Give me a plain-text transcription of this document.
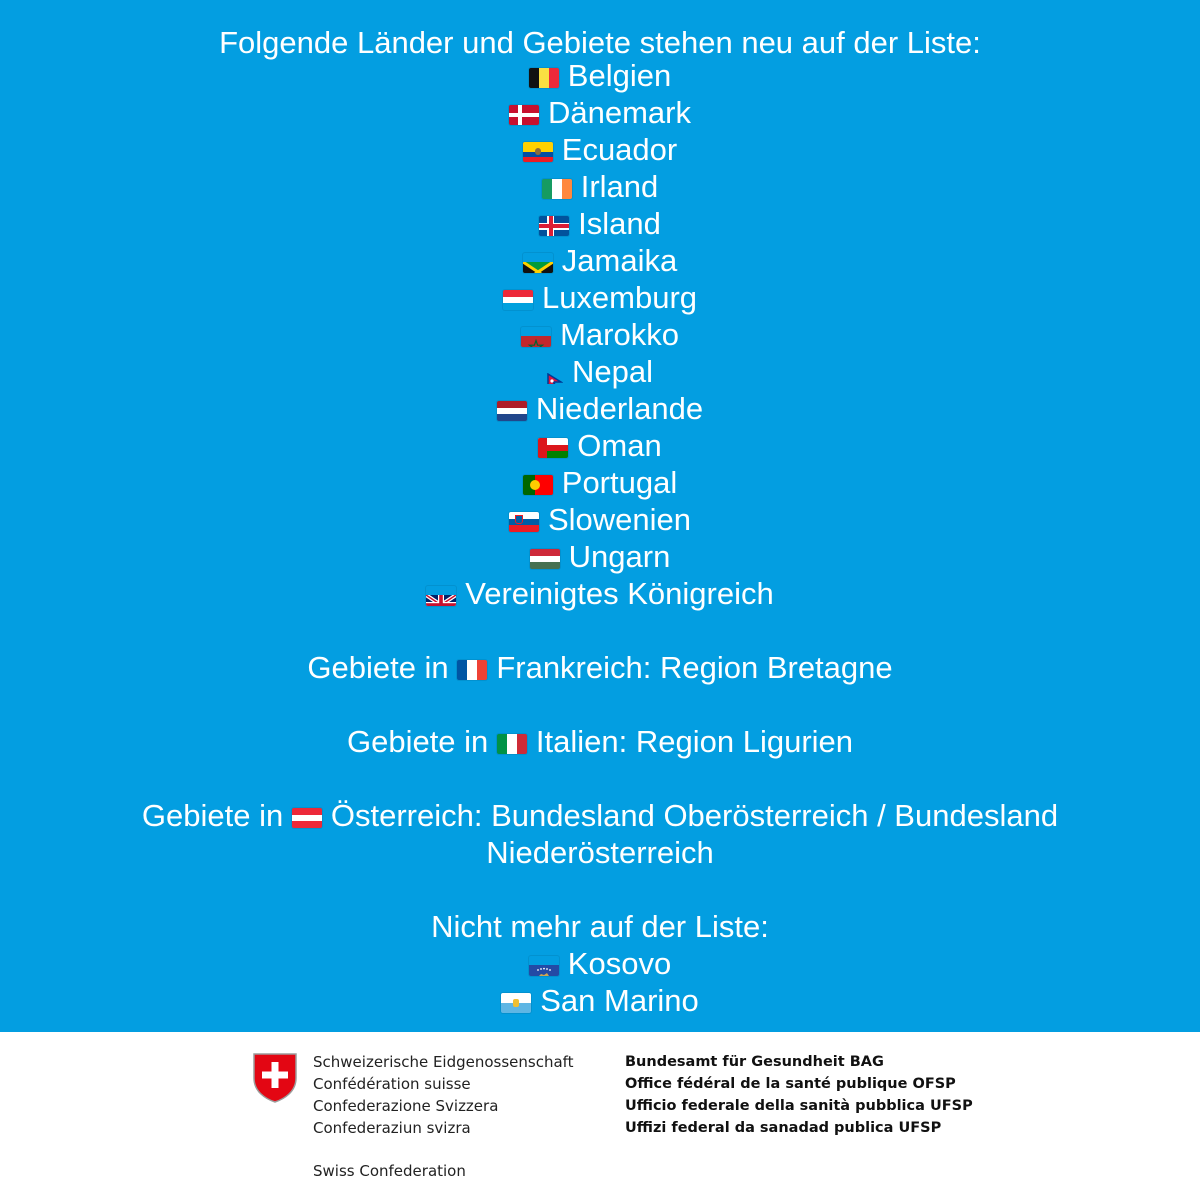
Folgende Länder und Gebiete stehen neu auf der Liste:
Belgien
Dänemark
Ecuador
Irland
Island
Jamaika
Luxemburg
Marokko
Nepal
Niederlande
Oman
Portugal
Slowenien
Ungarn
Vereinigtes Königreich
Gebiete in Frankreich: Region Bretagne
Gebiete in Italien: Region Ligurien
Gebiete in Österreich: Bundesland Oberösterreich / Bundesland
Niederösterreich
Nicht mehr auf der Liste:
Kosovo
San Marino
Schweizerische Eidgenossenschaft
Confédération suisse
Confederazione Svizzera
Confederaziun svizra
Swiss Confederation
Bundesamt für Gesundheit BAG
Office fédéral de la santé publique OFSP
Ufficio federale della sanità pubblica UFSP
Uffizi federal da sanadad publica UFSP
